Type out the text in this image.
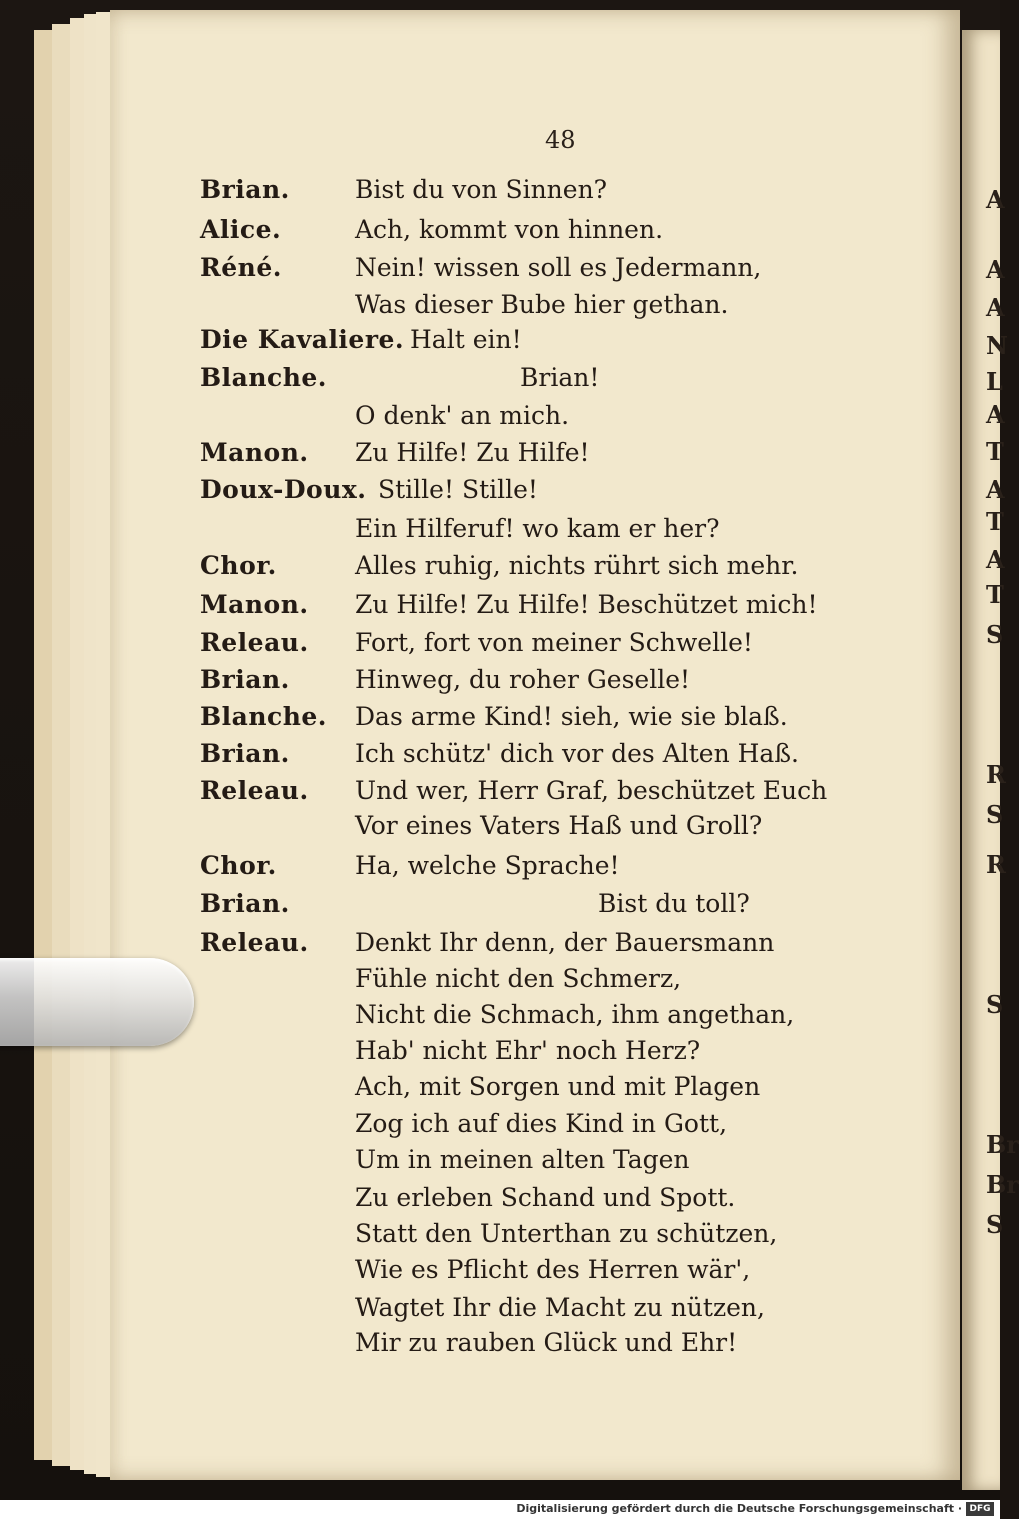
A
A
A
N
L
A
T
A
T
A
T
S
R
S
R
S
Br
Br
S
48
Brian.	Bist du von Sinnen?
Alice.	Ach, kommt von hinnen.
Réné.	Nein! wissen soll es Jedermann,
Was dieser Bube hier gethan.
Die Kavaliere. Halt ein!
Blanche.	Brian!
O denk' an mich.
Manon. Zu Hilfe! Zu Hilfe!
Doux-Doux. Stille! Stille!
Ein Hilferuf! wo kam er her?
Chor.	Alles ruhig, nichts rührt sich mehr.
Manon. Zu Hilfe! Zu Hilfe! Beschützet mich!
Releau. Fort, fort von meiner Schwelle!
Brian.	Hinweg, du roher Geselle!
Blanche. Das arme Kind! sieh, wie sie blaß.
Brian.	Ich schütz' dich vor des Alten Haß.
Releau. Und wer, Herr Graf, beschützet Euch
Vor eines Vaters Haß und Groll?
Chor.	Ha, welche Sprache!
Brian.	Bist du toll?
Releau. Denkt Ihr denn, der Bauersmann
Fühle nicht den Schmerz,
Nicht die Schmach, ihm angethan,
Hab' nicht Ehr' noch Herz?
Ach, mit Sorgen und mit Plagen
Zog ich auf dies Kind in Gott,
Um in meinen alten Tagen
Zu erleben Schand und Spott.
Statt den Unterthan zu schützen,
Wie es Pflicht des Herren wär',
Wagtet Ihr die Macht zu nützen,
Mir zu rauben Glück und Ehr!
Digitalisierung gefördert durch die Deutsche Forschungsgemeinschaft · DFG
